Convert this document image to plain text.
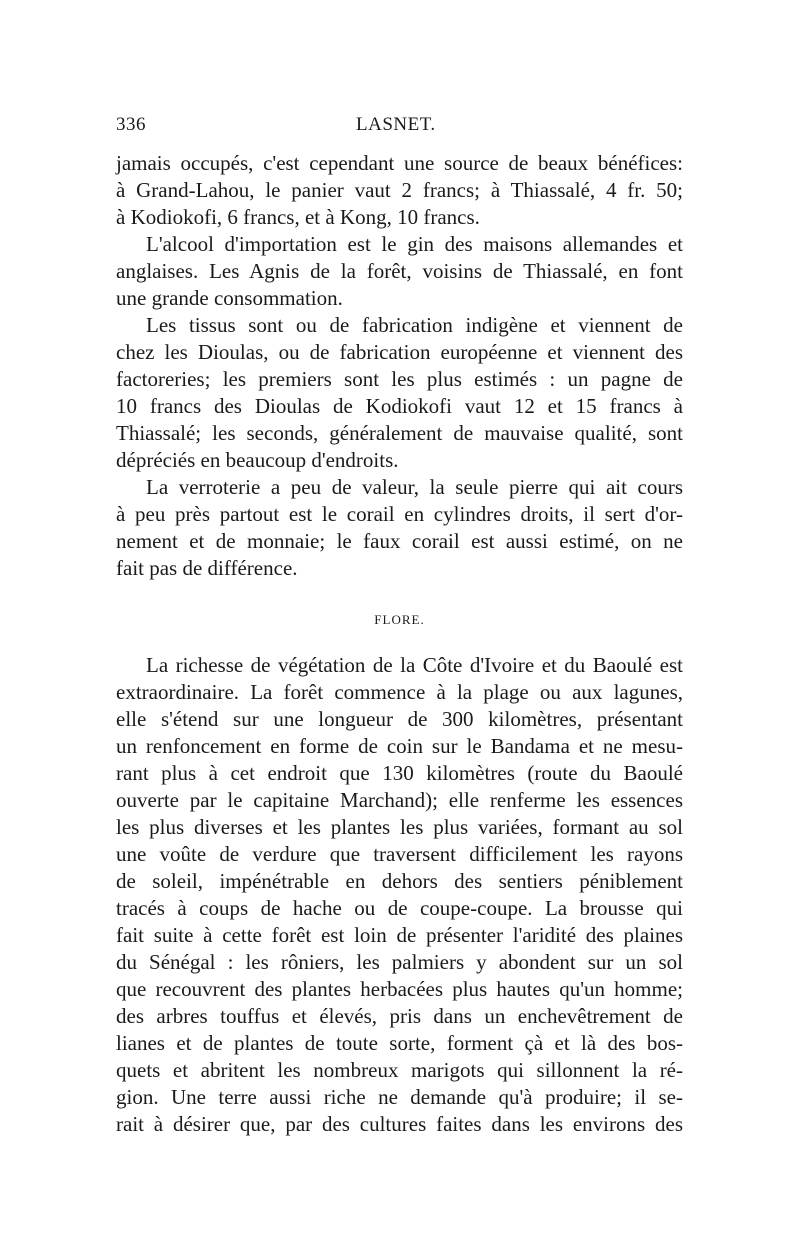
336	LASNET.
jamais occupés, c'est cependant une source de beaux bénéfices:
à Grand-Lahou, le panier vaut 2 francs; à Thiassalé, 4 fr. 50;
à Kodiokofi, 6 francs, et à Kong, 10 francs.
L'alcool d'importation est le gin des maisons allemandes et
anglaises. Les Agnis de la forêt, voisins de Thiassalé, en font
une grande consommation.
Les tissus sont ou de fabrication indigène et viennent de
chez les Dioulas, ou de fabrication européenne et viennent des
factoreries; les premiers sont les plus estimés : un pagne de
10 francs des Dioulas de Kodiokofi vaut 12 et 15 francs à
Thiassalé; les seconds, généralement de mauvaise qualité, sont
dépréciés en beaucoup d'endroits.
La verroterie a peu de valeur, la seule pierre qui ait cours
à peu près partout est le corail en cylindres droits, il sert d'or-
nement et de monnaie; le faux corail est aussi estimé, on ne
fait pas de différence.
FLORE.
La richesse de végétation de la Côte d'Ivoire et du Baoulé est
extraordinaire. La forêt commence à la plage ou aux lagunes,
elle s'étend sur une longueur de 300 kilomètres, présentant
un renfoncement en forme de coin sur le Bandama et ne mesu-
rant plus à cet endroit que 130 kilomètres (route du Baoulé
ouverte par le capitaine Marchand); elle renferme les essences
les plus diverses et les plantes les plus variées, formant au sol
une voûte de verdure que traversent difficilement les rayons
de soleil, impénétrable en dehors des sentiers péniblement
tracés à coups de hache ou de coupe-coupe. La brousse qui
fait suite à cette forêt est loin de présenter l'aridité des plaines
du Sénégal : les rôniers, les palmiers y abondent sur un sol
que recouvrent des plantes herbacées plus hautes qu'un homme;
des arbres touffus et élevés, pris dans un enchevêtrement de
lianes et de plantes de toute sorte, forment çà et là des bos-
quets et abritent les nombreux marigots qui sillonnent la ré-
gion. Une terre aussi riche ne demande qu'à produire; il se-
rait à désirer que, par des cultures faites dans les environs des
